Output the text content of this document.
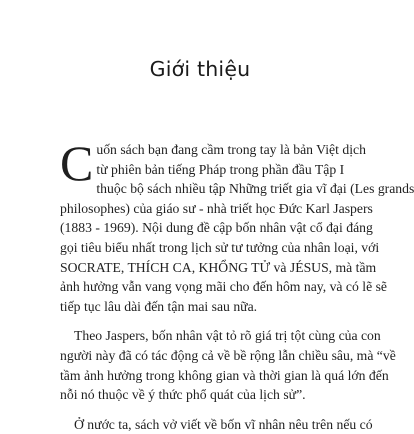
Giới thiệu

C uốn sách bạn đang cầm trong tay là bản Việt dịch
từ phiên bản tiếng Pháp trong phần đầu Tập I
thuộc bộ sách nhiều tập Những triết gia vĩ đại (Les grands
philosophes) của giáo sư - nhà triết học Đức Karl Jaspers
(1883 - 1969). Nội dung đề cập bốn nhân vật cổ đại đáng
gọi tiêu biểu nhất trong lịch sử tư tưởng của nhân loại, với
SOCRATE, THÍCH CA, KHỔNG TỬ và JÉSUS, mà tầm
ảnh hưởng vẫn vang vọng mãi cho đến hôm nay, và có lẽ sẽ
tiếp tục lâu dài đến tận mai sau nữa.

Theo Jaspers, bốn nhân vật tỏ rõ giá trị tột cùng của con
người này đã có tác động cả về bề rộng lẫn chiều sâu, mà “về
tầm ảnh hưởng trong không gian và thời gian là quá lớn đến
nỗi nó thuộc về ý thức phổ quát của lịch sử”.

Ở nước ta, sách vở viết về bốn vĩ nhân nêu trên nếu có
